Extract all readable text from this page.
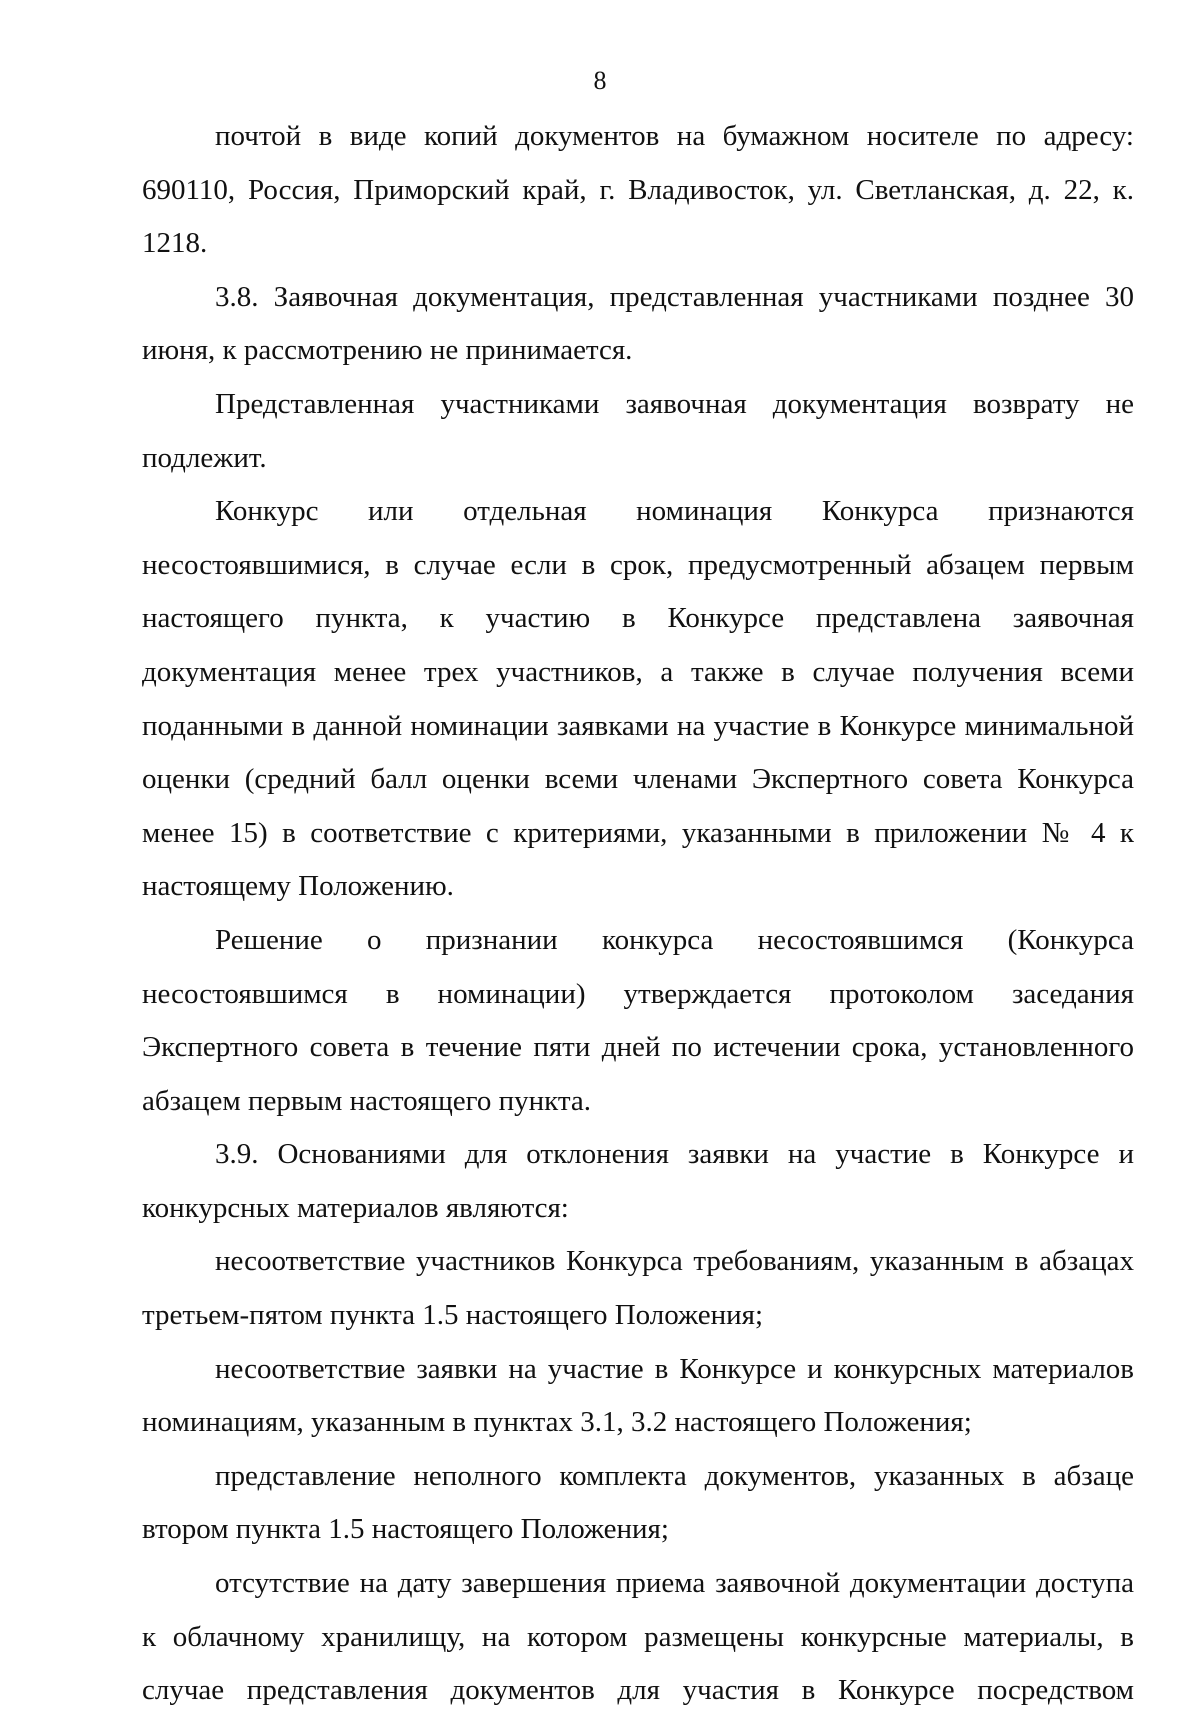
8

почтой в виде копий документов на бумажном носителе по адресу: 690110, Россия, Приморский край, г. Владивосток, ул. Светланская, д. 22, к. 1218.

3.8. Заявочная документация, представленная участниками позднее 30 июня, к рассмотрению не принимается.

Представленная участниками заявочная документация возврату не подлежит.

Конкурс или отдельная номинация Конкурса признаются несостоявшимися, в случае если в срок, предусмотренный абзацем первым настоящего пункта, к участию в Конкурсе представлена заявочная документация менее трех участников, а также в случае получения всеми поданными в данной номинации заявками на участие в Конкурсе минимальной оценки (средний балл оценки всеми членами Экспертного совета Конкурса менее 15) в соответствие с критериями, указанными в приложении № 4 к настоящему Положению.

Решение о признании конкурса несостоявшимся (Конкурса несостоявшимся в номинации) утверждается протоколом заседания Экспертного совета в течение пяти дней по истечении срока, установленного абзацем первым настоящего пункта.

3.9. Основаниями для отклонения заявки на участие в Конкурсе и конкурсных материалов являются:

несоответствие участников Конкурса требованиям, указанным в абзацах третьем-пятом пункта 1.5 настоящего Положения;

несоответствие заявки на участие в Конкурсе и конкурсных материалов номинациям, указанным в пунктах 3.1, 3.2 настоящего Положения;

представление неполного комплекта документов, указанных в абзаце втором пункта 1.5 настоящего Положения;

отсутствие на дату завершения приема заявочной документации доступа к облачному хранилищу, на котором размещены конкурсные материалы, в случае представления документов для участия в Конкурсе посредством
